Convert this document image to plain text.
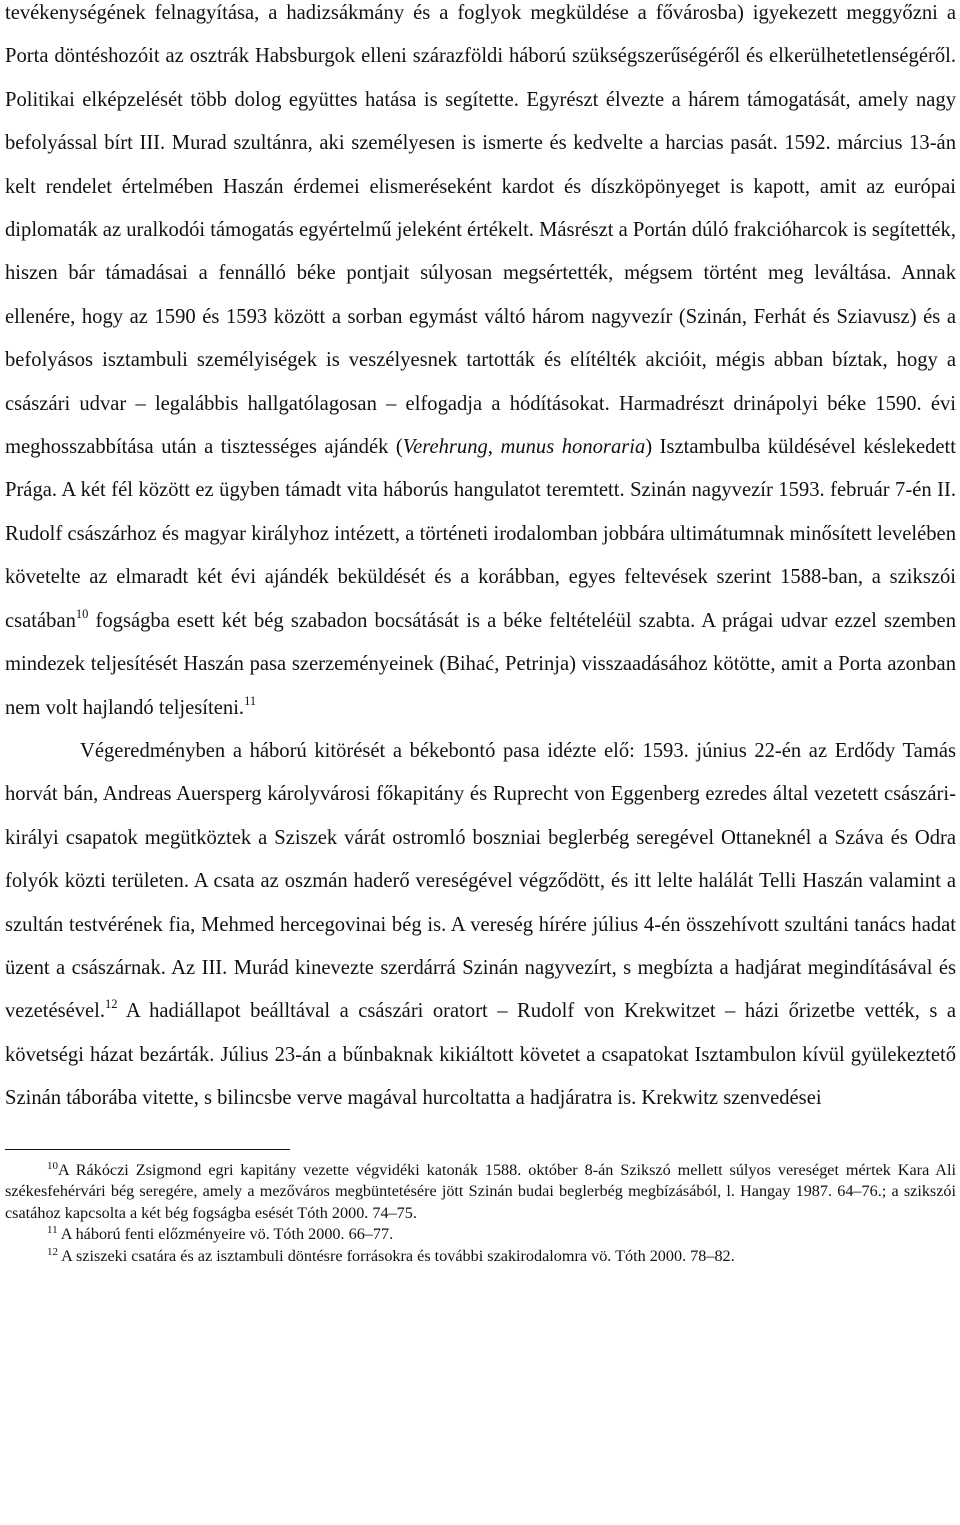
tevékenységének felnagyítása, a hadizsákmány és a foglyok megküldése a fővárosba) igyekezett meggyőzni a Porta döntéshozóit az osztrák Habsburgok elleni szárazföldi háború szükségszerűségéről és elkerülhetetlenségéről. Politikai elképzelését több dolog együttes hatása is segítette. Egyrészt élvezte a hárem támogatását, amely nagy befolyással bírt III. Murad szultánra, aki személyesen is ismerte és kedvelte a harcias pasát. 1592. március 13-án kelt rendelet értelmében Haszán érdemei elismeréseként kardot és díszköpönyeget is kapott, amit az európai diplomaták az uralkodói támogatás egyértelmű jeleként értékelt. Másrészt a Portán dúló frakcióharcok is segítették, hiszen bár támadásai a fennálló béke pontjait súlyosan megsértették, mégsem történt meg leváltása. Annak ellenére, hogy az 1590 és 1593 között a sorban egymást váltó három nagyvezír (Szinán, Ferhát és Sziavusz) és a befolyásos isztambuli személyiségek is veszélyesnek tartották és elítélték akcióit, mégis abban bíztak, hogy a császári udvar – legalábbis hallgatólagosan – elfogadja a hódításokat. Harmadrészt drinápolyi béke 1590. évi meghosszabbítása után a tisztességes ajándék (Verehrung, munus honoraria) Isztambulba küldésével késlekedett Prága. A két fél között ez ügyben támadt vita háborús hangulatot teremtett. Szinán nagyvezír 1593. február 7-én II. Rudolf császárhoz és magyar királyhoz intézett, a történeti irodalomban jobbára ultimátumnak minősített levelében követelte az elmaradt két évi ajándék beküldését és a korábban, egyes feltevések szerint 1588-ban, a szikszói csatában$^{10}$ fogságba esett két bég szabadon bocsátását is a béke feltételéül szabta. A prágai udvar ezzel szemben mindezek teljesítését Haszán pasa szerzeményeinek (Bihać, Petrinja) visszaadásához kötötte, amit a Porta azonban nem volt hajlandó teljesíteni.$^{11}$

Végeredményben a háború kitörését a békebontó pasa idézte elő: 1593. június 22-én az Erdődy Tamás horvát bán, Andreas Auersperg károlyvárosi főkapitány és Ruprecht von Eggenberg ezredes által vezetett császári-királyi csapatok megütköztek a Sziszek várát ostromló boszniai beglerbég seregével Ottaneknél a Száva és Odra folyók közti területen. A csata az oszmán haderő vereségével végződött, és itt lelte halálát Telli Haszán valamint a szultán testvérének fia, Mehmed hercegovinai bég is. A vereség hírére július 4-én összehívott szultáni tanács hadat üzent a császárnak. Az III. Murád kinevezte szerdárrá Szinán nagyvezírt, s megbízta a hadjárat megindításával és vezetésével.$^{12}$ A hadiállapot beálltával a császári oratort – Rudolf von Krekwitzet – házi őrizetbe vették, s a követségi házat bezárták. Július 23-án a bűnbaknak kikiáltott követet a csapatokat Isztambulon kívül gyülekeztető Szinán táborába vitette, s bilincsbe verve magával hurcoltatta a hadjáratra is. Krekwitz szenvedései

$^{10}$A Rákóczi Zsigmond egri kapitány vezette végvidéki katonák 1588. október 8-án Szikszó mellett súlyos vereséget mértek Kara Ali székesfehérvári bég seregére, amely a mezőváros megbüntetésére jött Szinán budai beglerbég megbízásából, l. Hangay 1987. 64–76.; a szikszói csatához kapcsolta a két bég fogságba esését Tóth 2000. 74–75.

$^{11}$ A háború fenti előzményeire vö. Tóth 2000. 66–77.

$^{12}$ A sziszeki csatára és az isztambuli döntésre forrásokra és további szakirodalomra vö. Tóth 2000. 78–82.
